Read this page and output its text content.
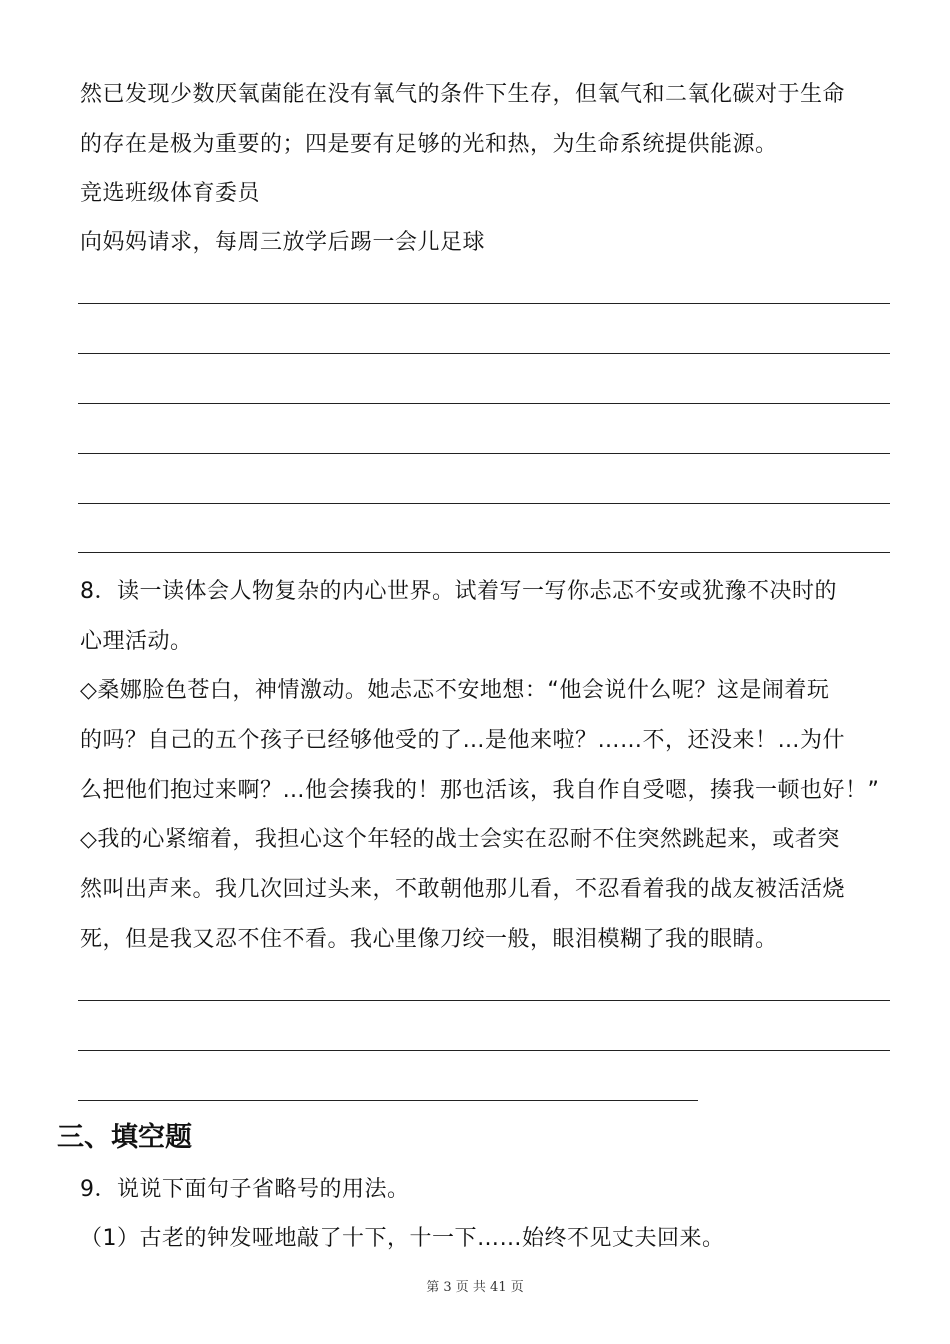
然已发现少数厌氧菌能在没有氧气的条件下生存，但氧气和二氧化碳对于生命
的存在是极为重要的；四是要有足够的光和热，为生命系统提供能源。
竞选班级体育委员
向妈妈请求，每周三放学后踢一会儿足球
8．读一读体会人物复杂的内心世界。试着写一写你忐忑不安或犹豫不决时的
心理活动。
◇桑娜脸色苍白，神情激动。她忐忑不安地想：“他会说什么呢？这是闹着玩
的吗？自己的五个孩子已经够他受的了…是他来啦？……不，还没来！…为什
么把他们抱过来啊？…他会揍我的！那也活该，我自作自受嗯，揍我一顿也好！”
◇我的心紧缩着，我担心这个年轻的战士会实在忍耐不住突然跳起来，或者突
然叫出声来。我几次回过头来，不敢朝他那儿看，不忍看着我的战友被活活烧
死，但是我又忍不住不看。我心里像刀绞一般，眼泪模糊了我的眼睛。
三、填空题
9．说说下面句子省略号的用法。
（1）古老的钟发哑地敲了十下，十一下……始终不见丈夫回来。
第 3 页 共 41 页
